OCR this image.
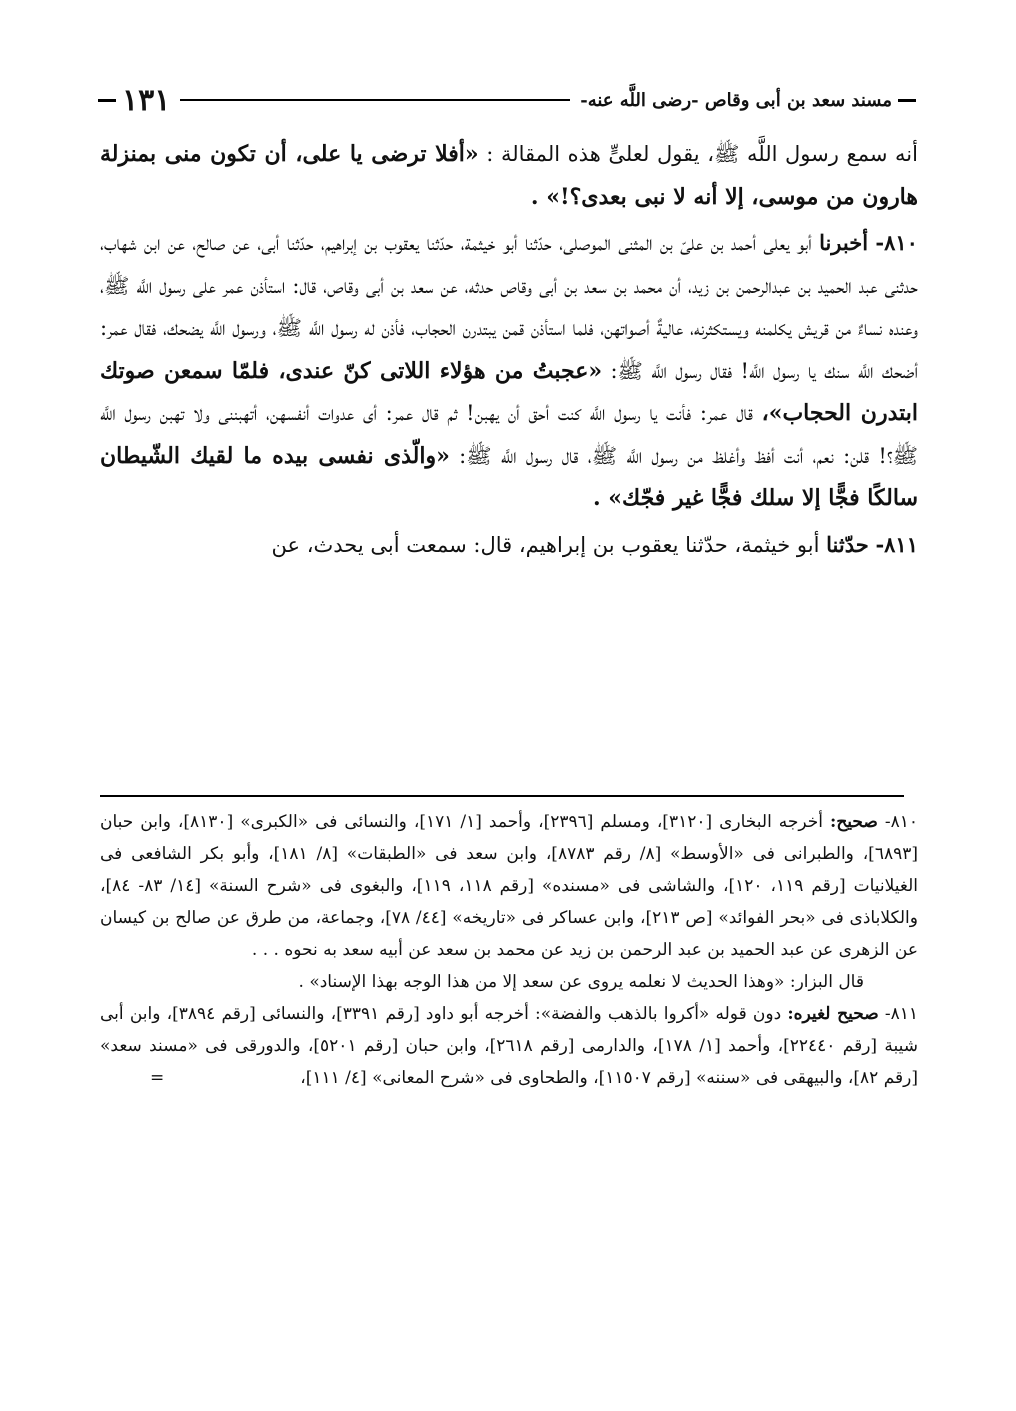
مسند سعد بن أبى وقاص -رضى اللَّه عنه-
١٣١

أنه سمع رسول اللَّه ﷺ، يقول لعلىٍّ هذه المقالة : «أفلا ترضى يا على، أن تكون منى بمنزلة هارون من موسى، إلا أنه لا نبى بعدى؟!» .

٨١٠- أخبرنا أبو يعلى أحمد بن علىّ بن المثنى الموصلى، حدّثنا أبو خيثمة، حدّثنا يعقوب بن إبراهيم، حدّثنا أبى، عن صالح، عن ابن شهاب، حدثنى عبد الحميد بن عبدالرحمن بن زيد، أن محمد بن سعد بن أبى وقاص حدثه، عن سعد بن أبى وقاص، قال: استأذن عمر على رسول اللَّه ﷺ، وعنده نساءٌ من قريش يكلمنه ويستكثرنه، عاليةٌ أصواتهن، فلما استأذن قمن يبتدرن الحجاب، فأذن له رسول اللَّه ﷺ، ورسول اللَّه يضحك، فقال عمر: أضحك اللَّه سنك يا رسول اللَّه! فقال رسول اللَّه ﷺ: «عجبتُ من هؤلاء اللاتى كنّ عندى، فلمّا سمعن صوتك ابتدرن الحجاب»، قال عمر: فأنت يا رسول اللَّه كنت أحق أن يهبن! ثم قال عمر: أى عدوات أنفسهن، أتهبننى ولا تهبن رسول اللَّه ﷺ؟! قلن: نعم، أنت أفظ وأغلظ من رسول اللَّه ﷺ، قال رسول اللَّه ﷺ: «والّذى نفسى بيده ما لقيك الشّيطان سالكًا فجًّا إلا سلك فجًّا غير فجّك» .

٨١١- حدّثنا أبو خيثمة، حدّثنا يعقوب بن إبراهيم، قال: سمعت أبى يحدث، عن

٨١٠- صحيح: أخرجه البخارى [٣١٢٠]، ومسلم [٢٣٩٦]، وأحمد [١/ ١٧١]، والنسائى فى «الكبرى» [٨١٣٠]، وابن حبان [٦٨٩٣]، والطبرانى فى «الأوسط» [٨/ رقم ٨٧٨٣]، وابن سعد فى «الطبقات» [٨/ ١٨١]، وأبو بكر الشافعى فى الغيلانيات [رقم ١١٩، ١٢٠]، والشاشى فى «مسنده» [رقم ١١٨، ١١٩]، والبغوى فى «شرح السنة» [١٤/ ٨٣- ٨٤]، والكلاباذى فى «بحر الفوائد» [ص ٢١٣]، وابن عساكر فى «تاريخه» [٤٤/ ٧٨]، وجماعة، من طرق عن صالح بن كيسان عن الزهرى عن عبد الحميد بن عبد الرحمن بن زيد عن محمد بن سعد عن أبيه سعد به نحوه . . .

قال البزار: «وهذا الحديث لا نعلمه يروى عن سعد إلا من هذا الوجه بهذا الإسناد» .

٨١١- صحيح لغيره: دون قوله «أكروا بالذهب والفضة»: أخرجه أبو داود [رقم ٣٣٩١]، والنسائى [رقم ٣٨٩٤]، وابن أبى شيبة [رقم ٢٢٤٤٠]، وأحمد [١/ ١٧٨]، والدارمى [رقم ٢٦١٨]، وابن حبان [رقم ٥٢٠١]، والدورقى فى «مسند سعد» [رقم ٨٢]، والبيهقى فى «سننه» [رقم ١١٥٠٧]، والطحاوى فى «شرح المعانى» [٤/ ١١١]،

=
